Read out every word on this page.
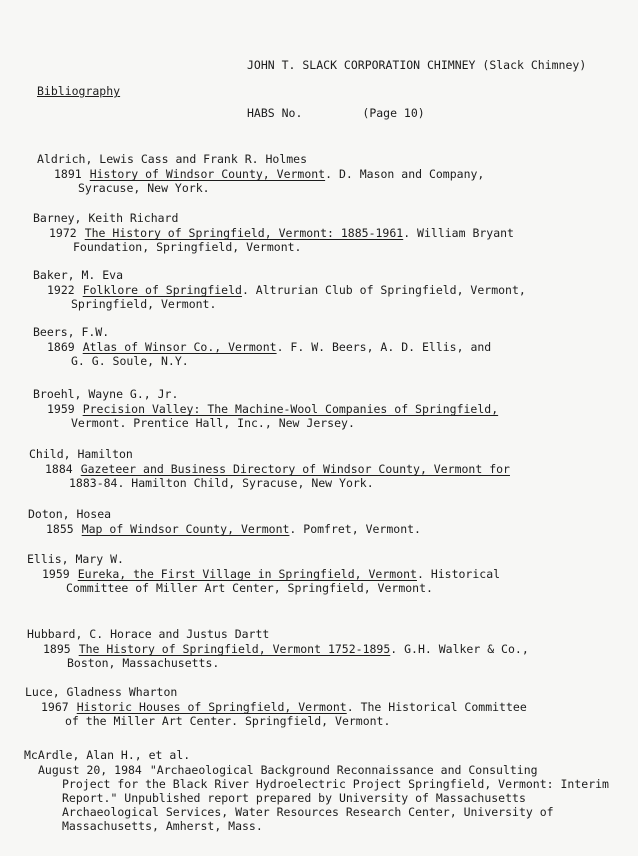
JOHN T. SLACK CORPORATION CHIMNEY (Slack Chimney)

HABS No.	(Page 10)

Bibliography
Aldrich, Lewis Cass and Frank R. Holmes
1891 History of Windsor County, Vermont. D. Mason and Company,
Syracuse, New York.
Barney, Keith Richard
1972 The History of Springfield, Vermont: 1885-1961. William Bryant
Foundation, Springfield, Vermont.
Baker, M. Eva
1922 Folklore of Springfield. Altrurian Club of Springfield, Vermont,
Springfield, Vermont.
Beers, F.W.
1869 Atlas of Winsor Co., Vermont. F. W. Beers, A. D. Ellis, and
G. G. Soule, N.Y.
Broehl, Wayne G., Jr.
1959 Precision Valley: The Machine-Wool Companies of Springfield,
Vermont. Prentice Hall, Inc., New Jersey.
Child, Hamilton
1884 Gazeteer and Business Directory of Windsor County, Vermont for
1883-84. Hamilton Child, Syracuse, New York.
Doton, Hosea
1855 Map of Windsor County, Vermont. Pomfret, Vermont.
Ellis, Mary W.
1959 Eureka, the First Village in Springfield, Vermont. Historical
Committee of Miller Art Center, Springfield, Vermont.
Hubbard, C. Horace and Justus Dartt
1895 The History of Springfield, Vermont 1752-1895. G.H. Walker & Co.,
Boston, Massachusetts.
Luce, Gladness Wharton
1967 Historic Houses of Springfield, Vermont. The Historical Committee
of the Miller Art Center. Springfield, Vermont.
McArdle, Alan H., et al.
August 20, 1984 "Archaeological Background Reconnaissance and Consulting
Project for the Black River Hydroelectric Project Springfield, Vermont: Interim Report." Unpublished report prepared by University of Massachusetts Archaeological Services, Water Resources Research Center, University of Massachusetts, Amherst, Mass.
